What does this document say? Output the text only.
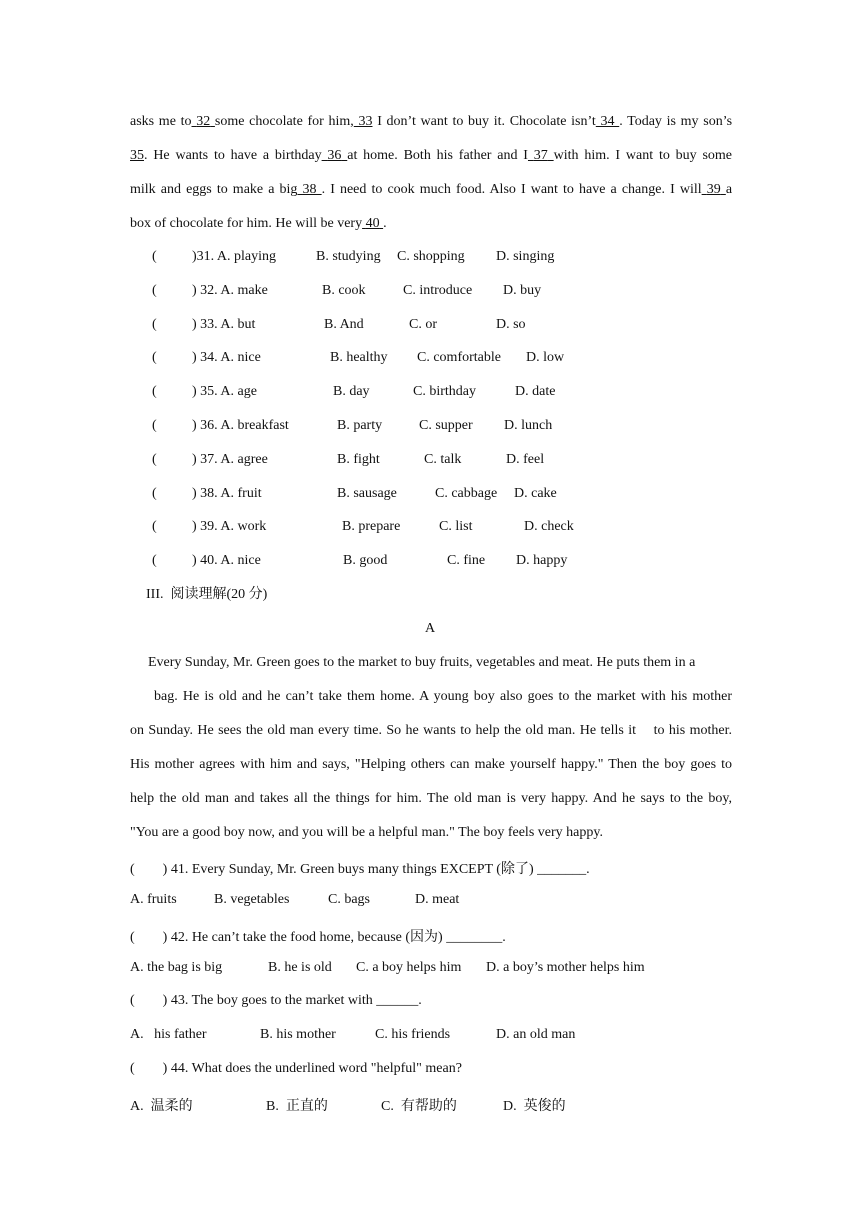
asks me to 32 some chocolate for him, 33 I don’t want to buy it. Chocolate isn’t 34 . Today is my son’s
35. He wants to have a birthday 36 at home. Both his father and I 37 with him. I want to buy some
milk and eggs to make a big 38 . I need to cook much food. Also I want to have a change. I will 39 a
box of chocolate for him. He will be very 40 .
(	)31. A. playing	B. studying C. shopping D. singing
(	) 32. A. make	B. cook	C. introduce D. buy
(	) 33. A. but	B. And	C. or	D. so
(	) 34. A. nice	B. healthy C. comfortable D. low
(	) 35. A. age	B. day	C. birthday	D. date
(	) 36. A. breakfast	B. party	C. supper D. lunch
(	) 37. A. agree	B. fight	C. talk	D. feel
(	) 38. A. fruit	B. sausage	C. cabbage D. cake
(	) 39. A. work	B. prepare	C. list	D. check
(	) 40. A. nice	B. good	C. fine D. happy
III.  阅读理解(20 分)
A
Every Sunday, Mr. Green goes to the market to buy fruits, vegetables and meat. He puts them in a
bag. He is old and he can’t take them home. A young boy also goes to the market with his mother
on Sunday. He sees the old man every time. So he wants to help the old man. He tells it    to his mother.
His mother agrees with him and says, "Helping others can make yourself happy." Then the boy goes to
help the old man and takes all the things for him. The old man is very happy. And he says to the boy,
"You are a good boy now, and you will be a helpful man." The boy feels very happy.
(        ) 41. Every Sunday, Mr. Green buys many things EXCEPT (除了) _______.
A. fruits	B. vegetables	C. bags	D. meat
(        ) 42. He can’t take the food home, because (因为) ________.
A. the bag is big	B. he is old C. a boy helps him D. a boy’s mother helps him
(        ) 43. The boy goes to the market with ______.
A.   his father	B. his mother	C. his friends	D. an old man
(        ) 44. What does the underlined word "helpful" mean?
A.  温柔的	B.  正直的	C.  有帮助的	D.  英俊的
